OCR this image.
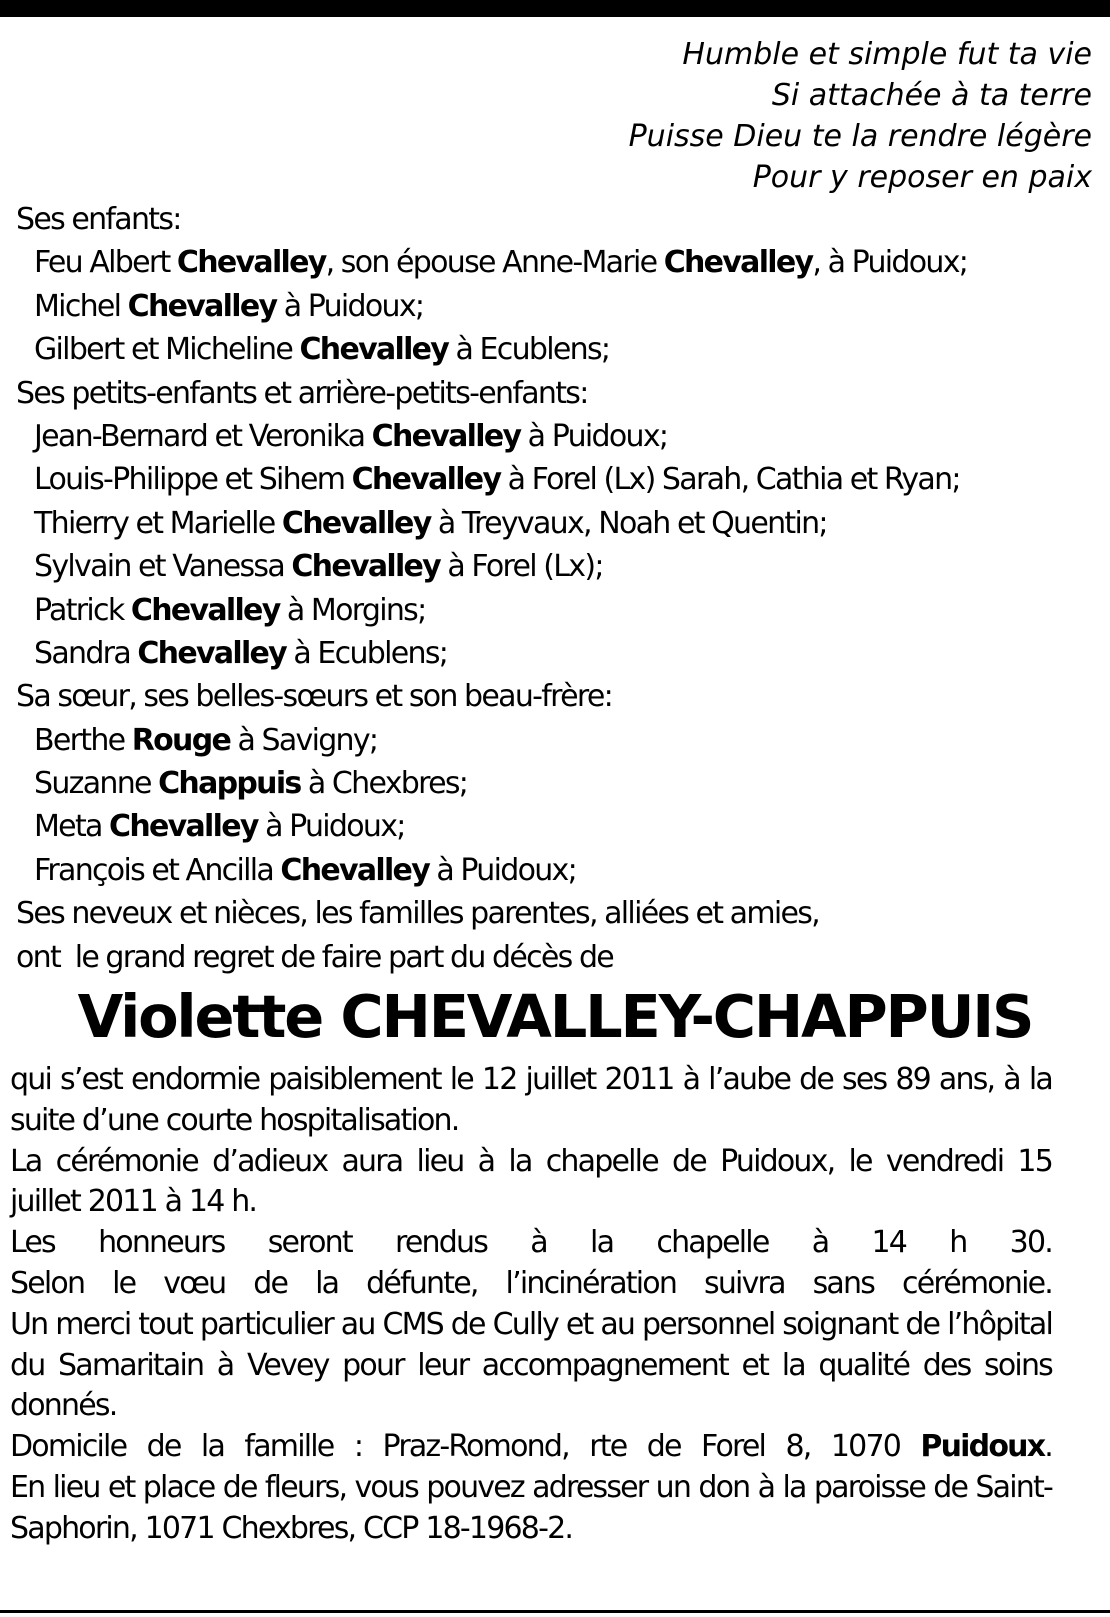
Humble et simple fut ta vie
Si attachée à ta terre
Puisse Dieu te la rendre légère
Pour y reposer en paix
Ses enfants:
Feu Albert Chevalley, son épouse Anne-Marie Chevalley, à Puidoux;
Michel Chevalley à Puidoux;
Gilbert et Micheline Chevalley à Ecublens;
Ses petits-enfants et arrière-petits-enfants:
Jean-Bernard et Veronika Chevalley à Puidoux;
Louis-Philippe et Sihem Chevalley à Forel (Lx) Sarah, Cathia et Ryan;
Thierry et Marielle Chevalley à Treyvaux, Noah et Quentin;
Sylvain et Vanessa Chevalley à Forel (Lx);
Patrick Chevalley à Morgins;
Sandra Chevalley à Ecublens;
Sa sœur, ses belles-sœurs et son beau-frère:
Berthe Rouge à Savigny;
Suzanne Chappuis à Chexbres;
Meta Chevalley à Puidoux;
François et Ancilla Chevalley à Puidoux;
Ses neveux et nièces, les familles parentes, alliées et amies,
ont  le grand regret de faire part du décès de
Violette CHEVALLEY-CHAPPUIS

qui s’est endormie paisiblement le 12 juillet 2011 à l’aube de ses 89 ans, à la suite d’une courte hospitalisation.

La cérémonie d’adieux aura lieu à la chapelle de Puidoux, le vendredi 15 juillet 2011 à 14 h.

Les honneurs seront rendus à la chapelle à 14 h 30.

Selon le vœu de la défunte, l’incinération suivra sans cérémonie.

Un merci tout particulier au CMS de Cully et au personnel soignant de l’hôpital du Samaritain à Vevey pour leur accompagnement et la qualité des soins donnés.

Domicile de la famille : Praz-Romond, rte de Forel 8, 1070 Puidoux.

En lieu et place de fleurs, vous pouvez adresser un don à la paroisse de Saint-Saphorin, 1071 Chexbres, CCP 18-1968-2.
